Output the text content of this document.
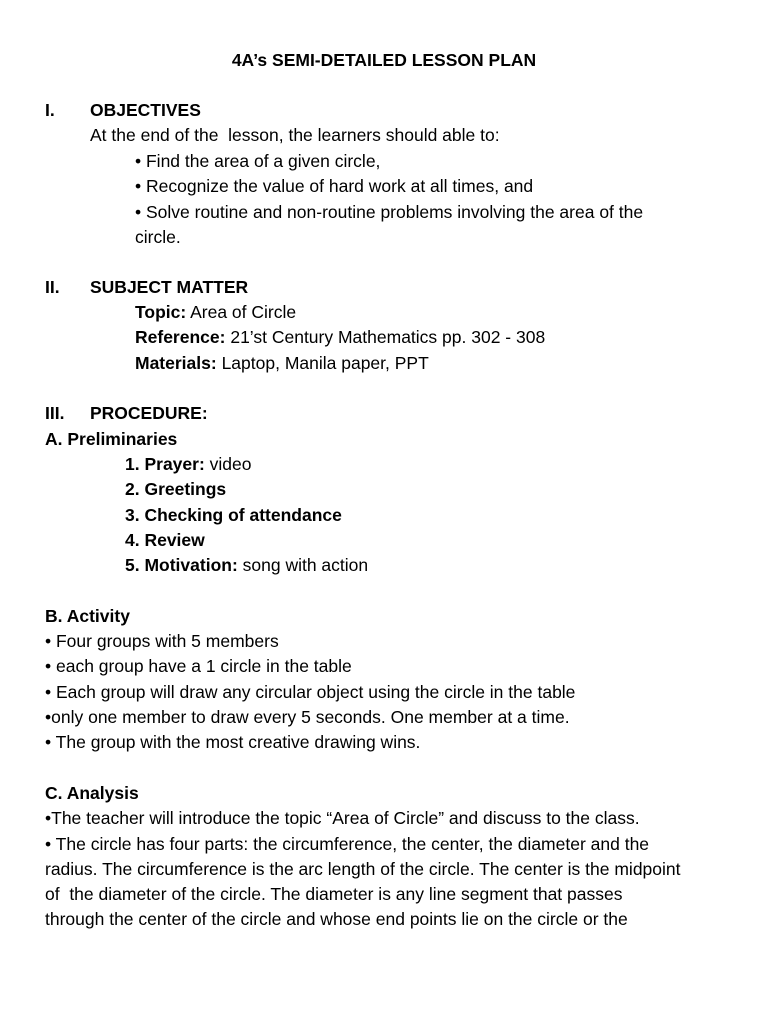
4A’s SEMI-DETAILED LESSON PLAN
I. OBJECTIVES
At the end of the  lesson, the learners should able to:
• Find the area of a given circle,
• Recognize the value of hard work at all times, and
• Solve routine and non-routine problems involving the area of the
circle.
II. SUBJECT MATTER
Topic: Area of Circle
Reference: 21’st Century Mathematics pp. 302 - 308
Materials: Laptop, Manila paper, PPT
III. PROCEDURE:
A. Preliminaries
1. Prayer: video
2. Greetings
3. Checking of attendance
4. Review
5. Motivation: song with action
B. Activity
• Four groups with 5 members
• each group have a 1 circle in the table
• Each group will draw any circular object using the circle in the table
•only one member to draw every 5 seconds. One member at a time.
• The group with the most creative drawing wins.
C. Analysis
•The teacher will introduce the topic “Area of Circle” and discuss to the class.
• The circle has four parts: the circumference, the center, the diameter and the
radius. The circumference is the arc length of the circle. The center is the midpoint
of  the diameter of the circle. The diameter is any line segment that passes
through the center of the circle and whose end points lie on the circle or the
